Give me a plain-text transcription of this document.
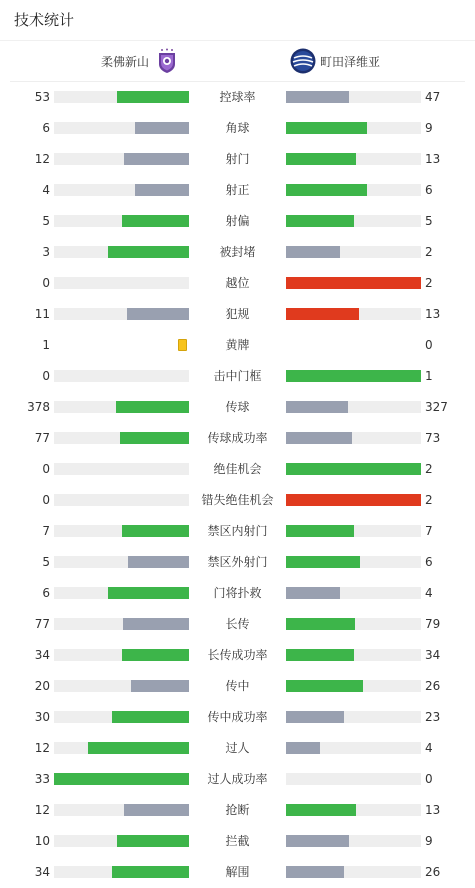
技术统计
柔佛新山	町田泽维亚
53	控球率	47
6	角球	9
12	射门	13
4	射正	6
5	射偏	5
3	被封堵	2
0	越位	2
11	犯规	13
1	黄牌	0
0	击中门框	1
378	传球	327
77	传球成功率	73
0	绝佳机会	2
0	错失绝佳机会	2
7	禁区内射门	7
5	禁区外射门	6
6	门将扑救	4
77	长传	79
34	长传成功率	34
20	传中	26
30	传中成功率	23
12	过人	4
33	过人成功率	0
12	抢断	13
10	拦截	9
34	解围	26
